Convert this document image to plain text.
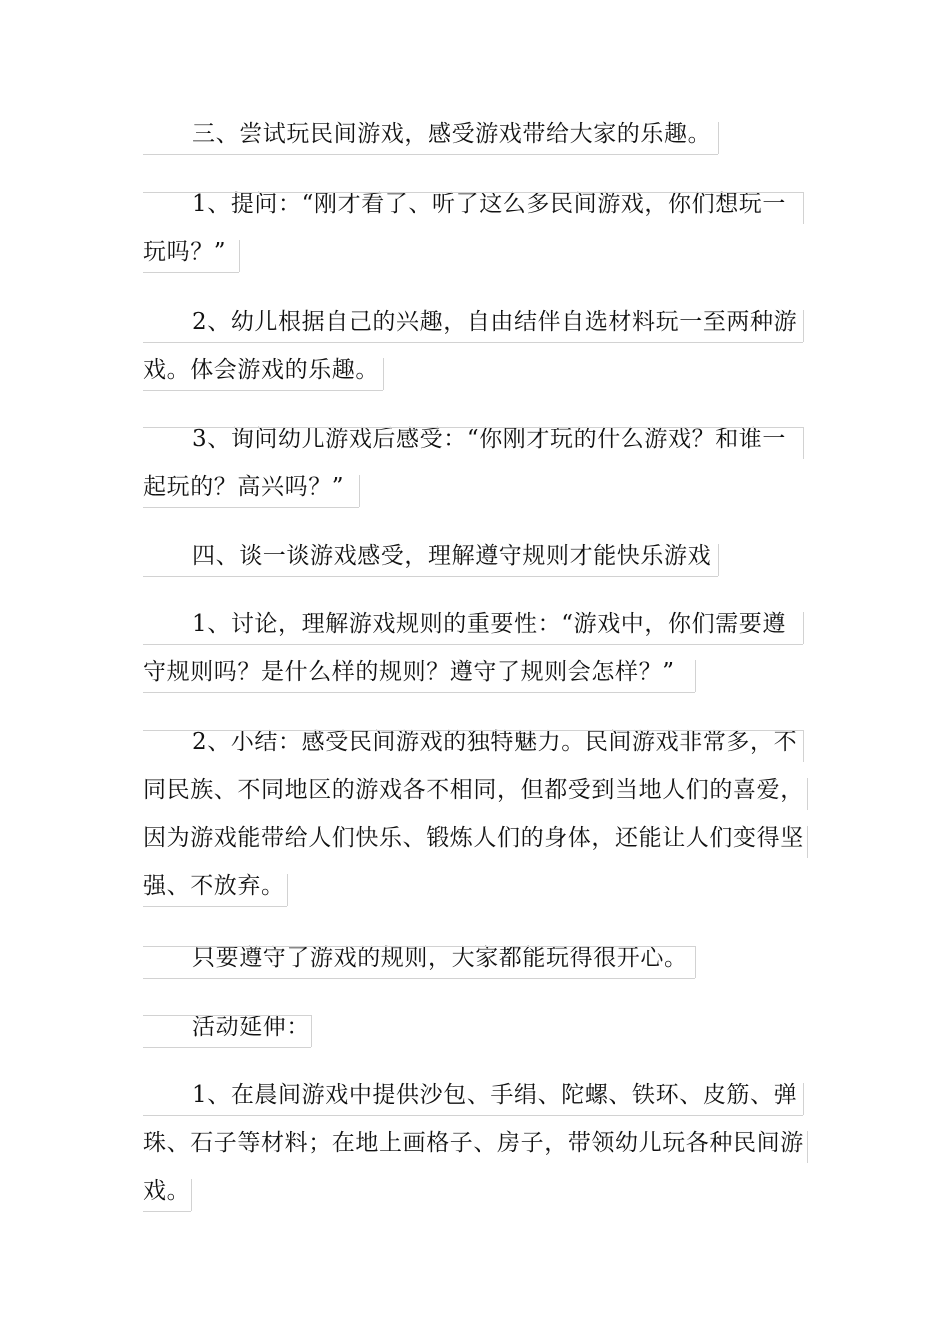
三、尝试玩民间游戏，感受游戏带给大家的乐趣。
1、提问：“刚才看了、听了这么多民间游戏，你们想玩一
玩吗？”
2、幼儿根据自己的兴趣，自由结伴自选材料玩一至两种游
戏。体会游戏的乐趣。
3、询问幼儿游戏后感受：“你刚才玩的什么游戏？和谁一
起玩的？高兴吗？”
四、谈一谈游戏感受，理解遵守规则才能快乐游戏
1、讨论，理解游戏规则的重要性：“游戏中，你们需要遵
守规则吗？是什么样的规则？遵守了规则会怎样？”
2、小结：感受民间游戏的独特魅力。民间游戏非常多，不
同民族、不同地区的游戏各不相同，但都受到当地人们的喜爱，
因为游戏能带给人们快乐、锻炼人们的身体，还能让人们变得坚
强、不放弃。
只要遵守了游戏的规则，大家都能玩得很开心。
活动延伸：
1、在晨间游戏中提供沙包、手绢、陀螺、铁环、皮筋、弹
珠、石子等材料；在地上画格子、房子，带领幼儿玩各种民间游
戏。
